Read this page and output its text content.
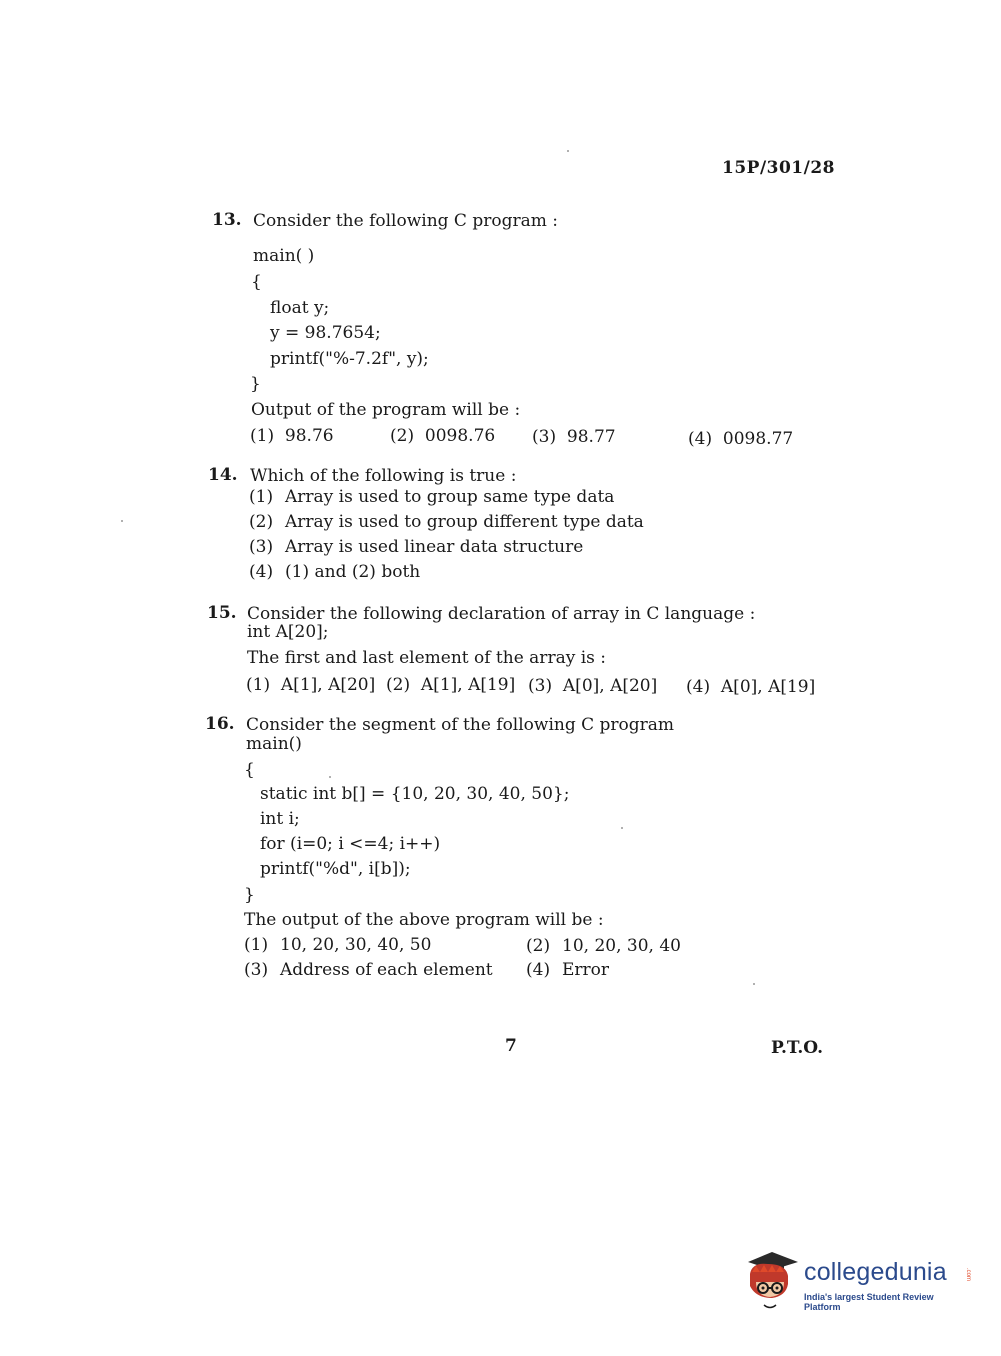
15P/301/28
13. Consider the following C program :
main( )
{
float y;
y = 98.7654;
printf("%-7.2f", y);
}
Output of the program will be :
(1) 98.76	(2) 0098.76 (3) 98.77	(4) 0098.77
14. Which of the following is true :
(1) Array is used to group same type data
(2) Array is used to group different type data
(3) Array is used linear data structure
(4) (1) and (2) both
15. Consider the following declaration of array in C language :
int A[20];
The first and last element of the array is :
(1) A[1], A[20] (2) A[1], A[19] (3) A[0], A[20] (4) A[0], A[19]
16. Consider the segment of the following C program
main()
{
static int b[] = {10, 20, 30, 40, 50};
int i;
for (i=0; i <=4; i++)
printf("%d", i[b]);
}
The output of the above program will be :
(1) 10, 20, 30, 40, 50	(2) 10, 20, 30, 40
(3) Address of each element (4) Error
7	P.T.O.
collegedunia	.com
India's largest Student Review Platform
